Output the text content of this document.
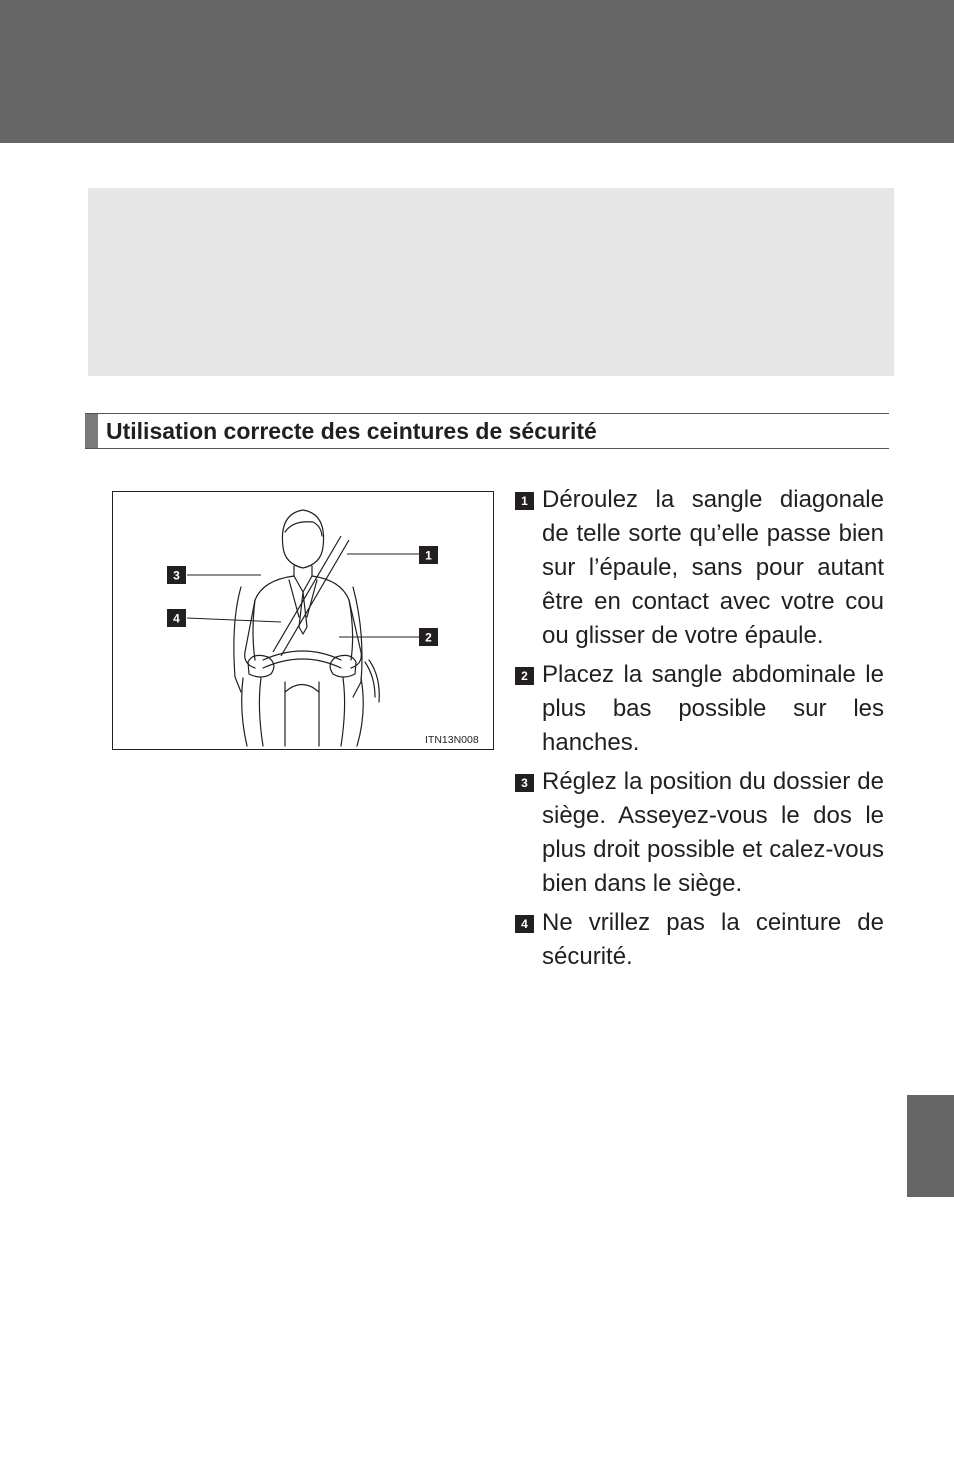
Utilisation correcte des ceintures de sécurité
1
2
3
4
ITN13N008
1 Déroulez la sangle diagonale de telle sorte qu’elle passe bien sur l’épaule, sans pour autant être en contact avec votre cou ou glisser de votre épaule.
2 Placez la sangle abdominale le plus bas possible sur les hanches.
3 Réglez la position du dossier de siège. Asseyez-vous le dos le plus droit possible et calez-vous bien dans le siège.
4 Ne vrillez pas la ceinture de sécurité.
